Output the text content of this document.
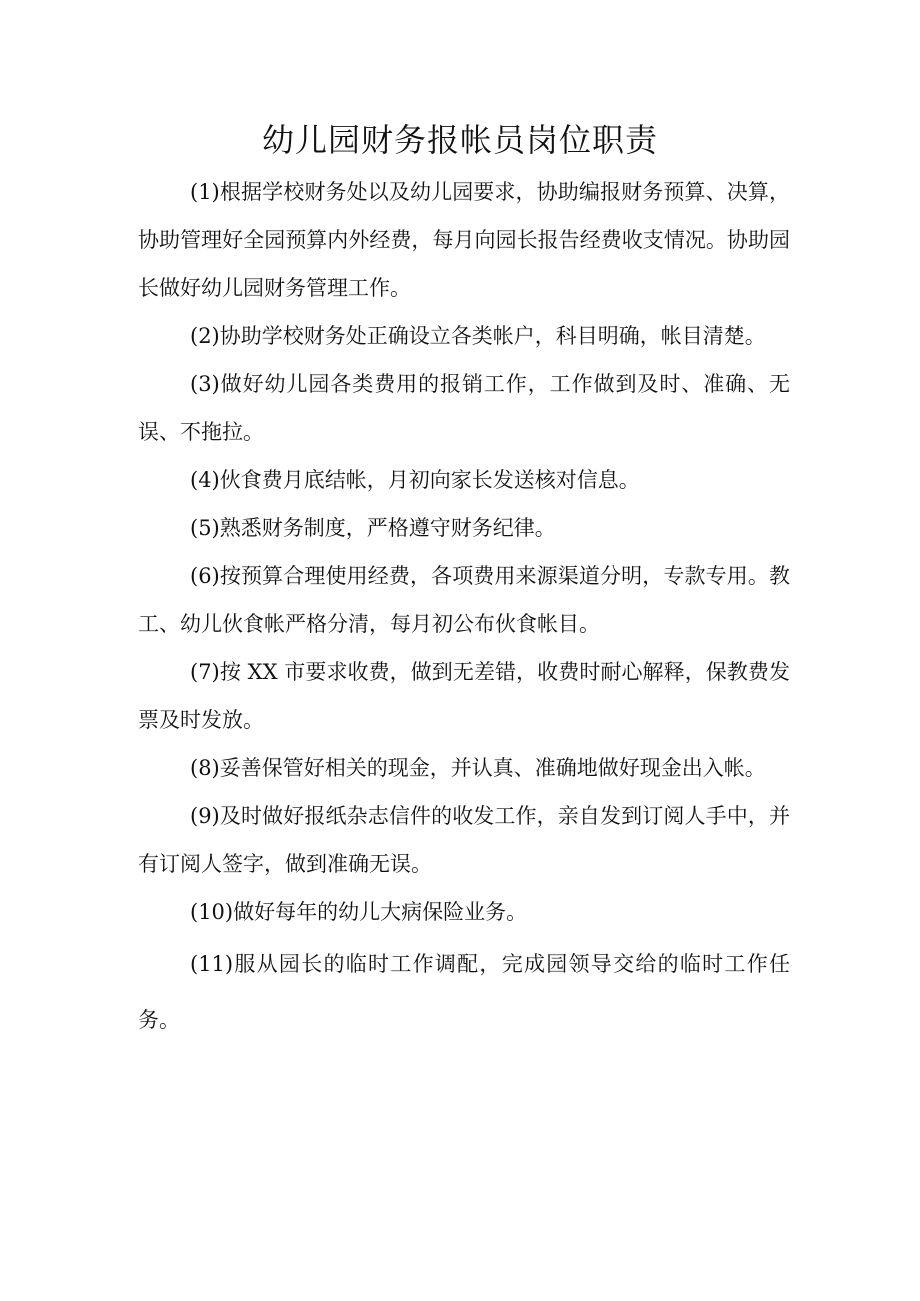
幼儿园财务报帐员岗位职责

(1)根据学校财务处以及幼儿园要求，协助编报财务预算、决算，协助管理好全园预算内外经费，每月向园长报告经费收支情况。协助园长做好幼儿园财务管理工作。

(2)协助学校财务处正确设立各类帐户，科目明确，帐目清楚。

(3)做好幼儿园各类费用的报销工作，工作做到及时、准确、无误、不拖拉。

(4)伙食费月底结帐，月初向家长发送核对信息。

(5)熟悉财务制度，严格遵守财务纪律。

(6)按预算合理使用经费，各项费用来源渠道分明，专款专用。教工、幼儿伙食帐严格分清，每月初公布伙食帐目。

(7)按 XX 市要求收费，做到无差错，收费时耐心解释，保教费发票及时发放。

(8)妥善保管好相关的现金，并认真、准确地做好现金出入帐。

(9)及时做好报纸杂志信件的收发工作，亲自发到订阅人手中，并有订阅人签字，做到准确无误。

(10)做好每年的幼儿大病保险业务。

(11)服从园长的临时工作调配，完成园领导交给的临时工作任务。
